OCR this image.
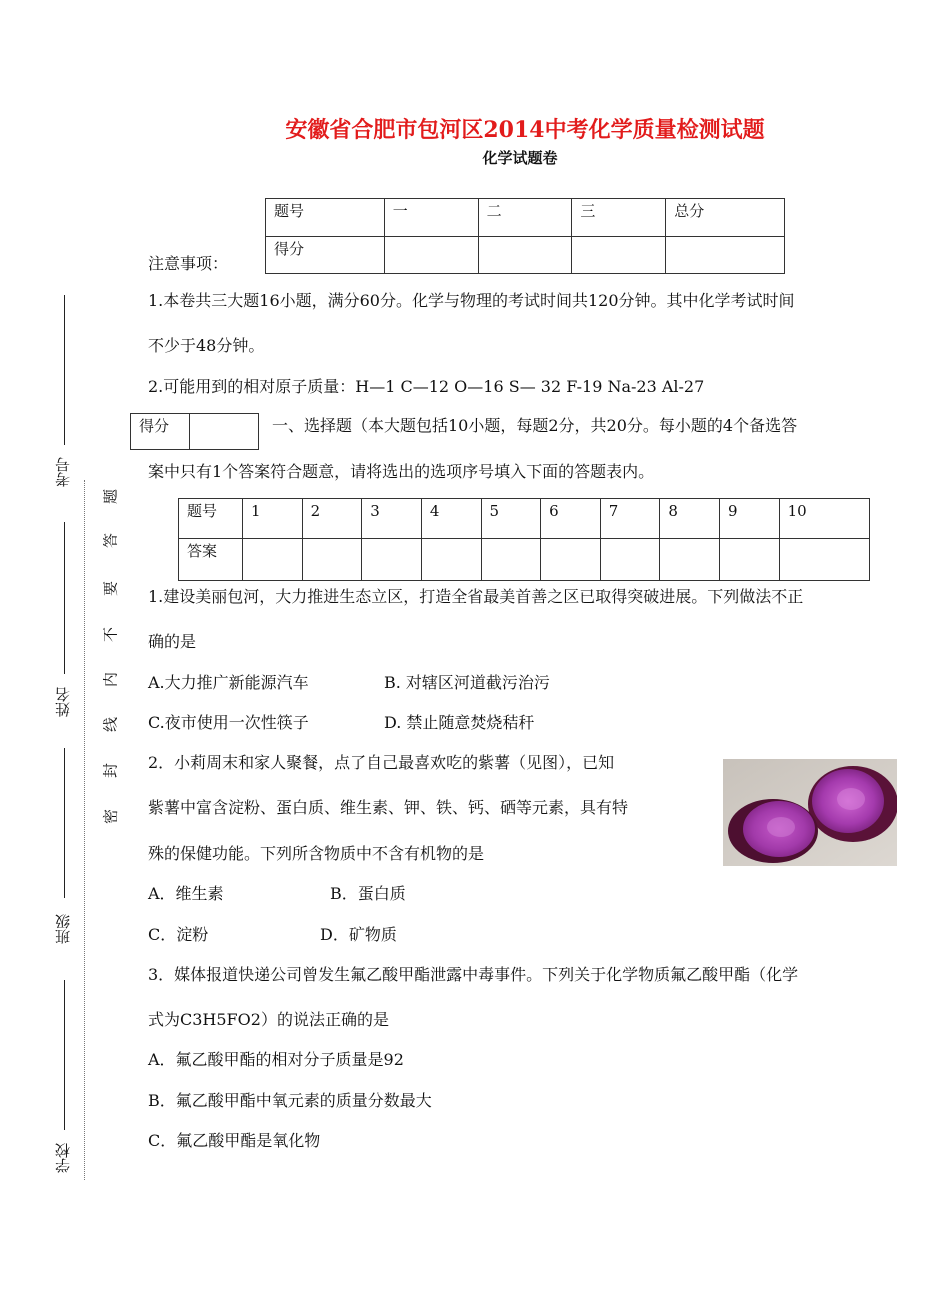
安徽省合肥市包河区2014中考化学质量检测试题
化学试题卷
题号	一	二	三	总分
得分				
注意事项：
1.本卷共三大题16小题，满分60分。化学与物理的考试时间共120分钟。其中化学考试时间
不少于48分钟。
2.可能用到的相对原子质量：H—1 C—12 O—16 S— 32 F-19 Na-23 Al-27
得分		一、选择题（本大题包括10小题，每题2分，共20分。每小题的4个备选答
案中只有1个答案符合题意，请将选出的选项序号填入下面的答题表内。
题号	1	2	3	4	5	6	7	8	9	10
答案										
1.建设美丽包河，大力推进生态立区，打造全省最美首善之区已取得突破进展。下列做法不正
确的是
A.大力推广新能源汽车	B. 对辖区河道截污治污
C.夜市使用一次性筷子	D. 禁止随意焚烧秸秆
2．小莉周末和家人聚餐，点了自己最喜欢吃的紫薯（见图），已知
紫薯中富含淀粉、蛋白质、维生素、钾、铁、钙、硒等元素，具有特
殊的保健功能。下列所含物质中不含有机物的是
A．维生素	B．蛋白质
C．淀粉	D．矿物质
3．媒体报道快递公司曾发生氟乙酸甲酯泄露中毒事件。下列关于化学物质氟乙酸甲酯（化学
式为C3H5FO2）的说法正确的是
A．氟乙酸甲酯的相对分子质量是92
B．氟乙酸甲酯中氧元素的质量分数最大
C．氟乙酸甲酯是氧化物
考号
姓名
班级
学校
题
答
要
不
内
线
封
密
